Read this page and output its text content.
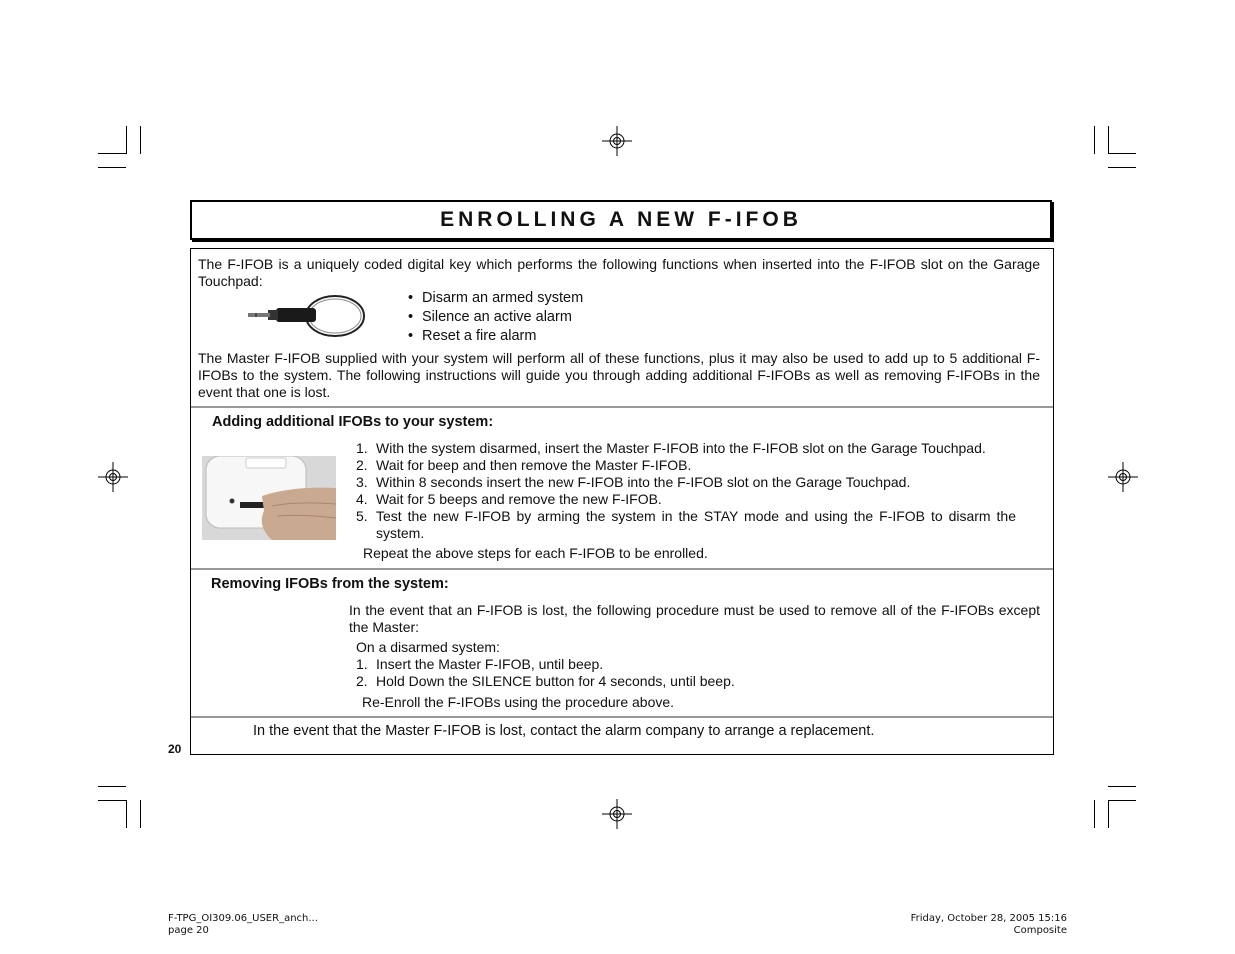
ENROLLING A NEW F-IFOB
The F-IFOB is a uniquely coded digital key which performs the following functions when inserted into the F-IFOB slot on the Garage Touchpad:
• Disarm an armed system
• Silence an active alarm
• Reset a fire alarm
The Master F-IFOB supplied with your system will perform all of these functions, plus it may also be used to add up to 5 additional F-IFOBs to the system. The following instructions will guide you through adding additional F-IFOBs as well as removing F-IFOBs in the event that one is lost.
Adding additional IFOBs to your system:
1. With the system disarmed, insert the Master F-IFOB into the F-IFOB slot on the Garage Touchpad.
2. Wait for beep and then remove the Master F-IFOB.
3. Within 8 seconds insert the new F-IFOB into the F-IFOB slot on the Garage Touchpad.
4. Wait for 5 beeps and remove the new F-IFOB.
5. Test the new F-IFOB by arming the system in the STAY mode and using the F-IFOB to disarm the system.
Repeat the above steps for each F-IFOB to be enrolled.
Removing IFOBs from the system:
In the event that an F-IFOB is lost, the following procedure must be used to remove all of the F-IFOBs except the Master:
On a disarmed system:
1. Insert the Master F-IFOB, until beep.
2. Hold Down the SILENCE button for 4 seconds, until beep.
Re-Enroll the F-IFOBs using the procedure above.
In the event that the Master F-IFOB is lost, contact the alarm company to arrange a replacement.
20
F-TPG_OI309.06_USER_anch...
page 20
Friday, October 28, 2005 15:16
Composite
